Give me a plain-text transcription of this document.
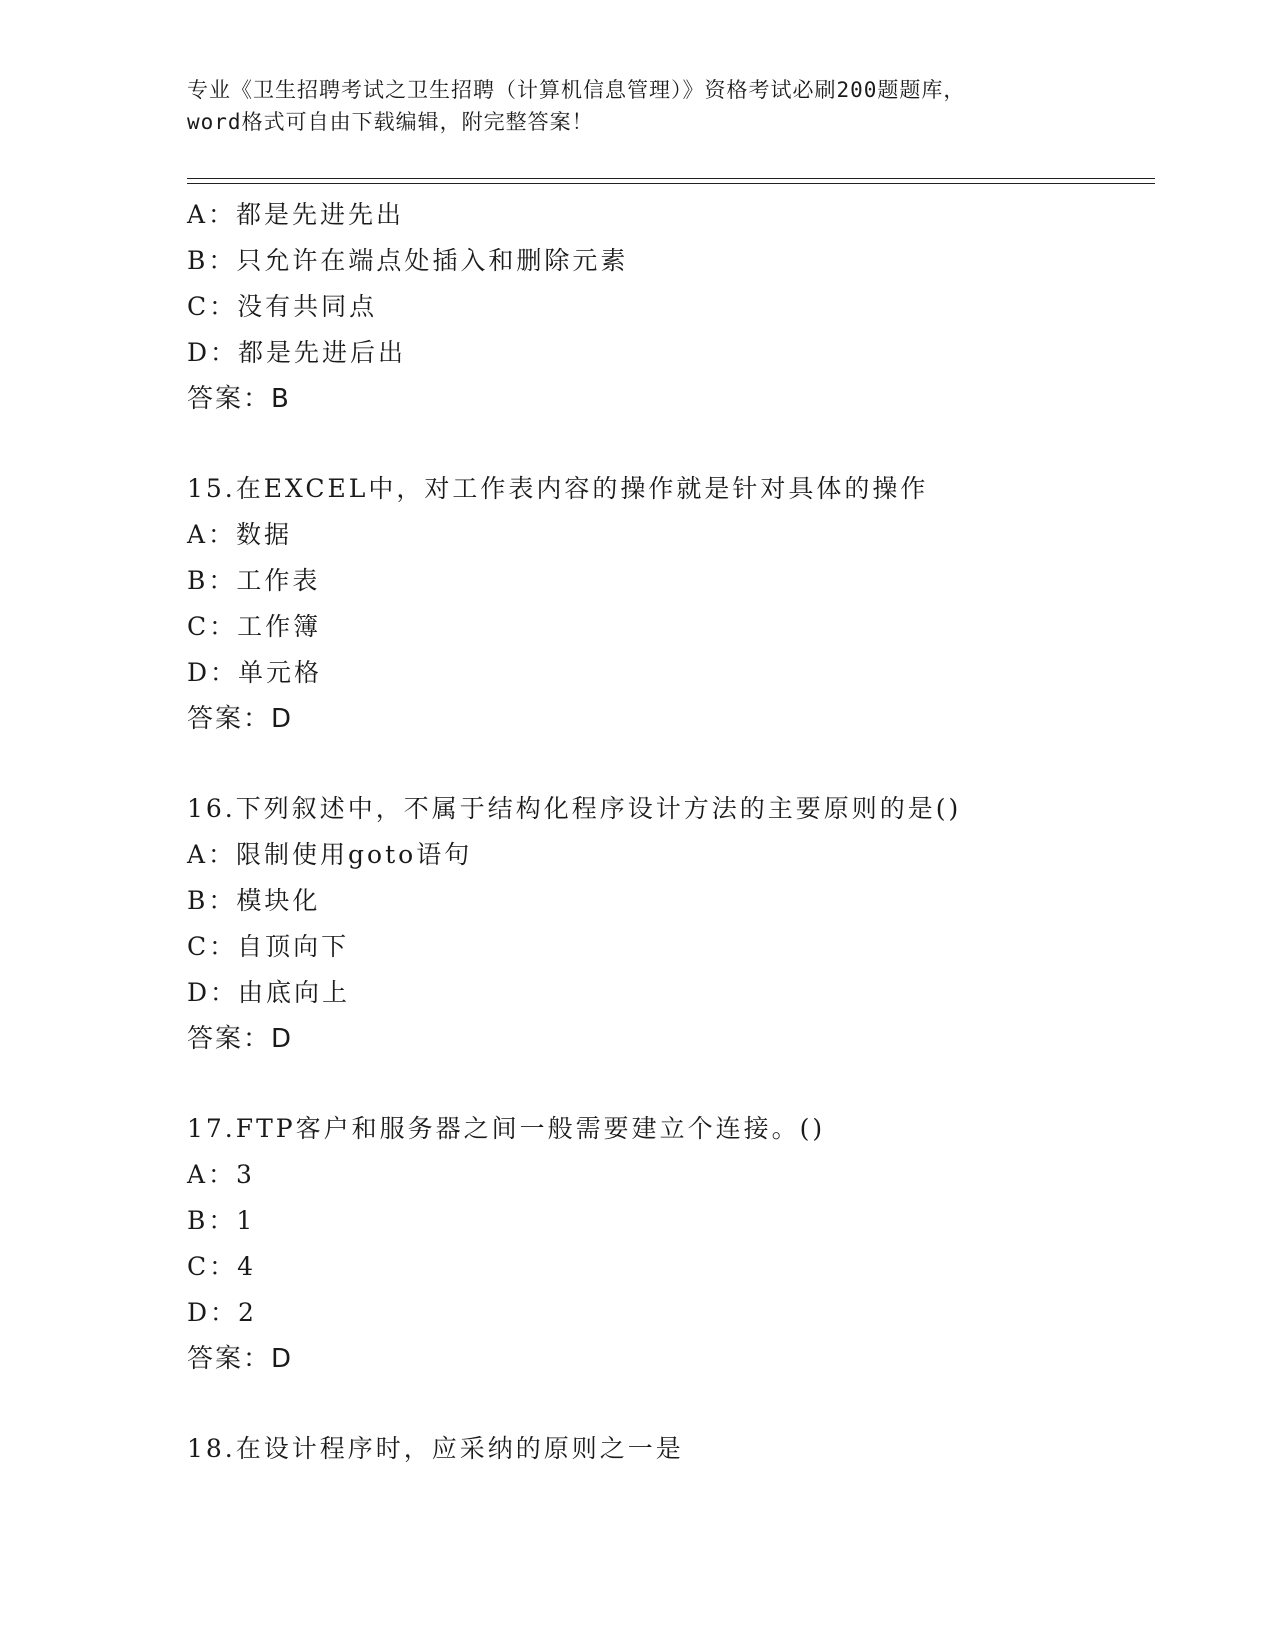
专业《卫生招聘考试之卫生招聘（计算机信息管理）》资格考试必刷200题题库，
word格式可自由下载编辑，附完整答案！
A：都是先进先出
B：只允许在端点处插入和删除元素
C：没有共同点
D：都是先进后出
答案：B
15.在EXCEL中，对工作表内容的操作就是针对具体的操作
A：数据
B：工作表
C：工作簿
D：单元格
答案：D
16.下列叙述中，不属于结构化程序设计方法的主要原则的是()
A：限制使用goto语句
B：模块化
C：自顶向下
D：由底向上
答案：D
17.FTP客户和服务器之间一般需要建立个连接。()
A：3
B：1
C：4
D：2
答案：D
18.在设计程序时，应采纳的原则之一是
